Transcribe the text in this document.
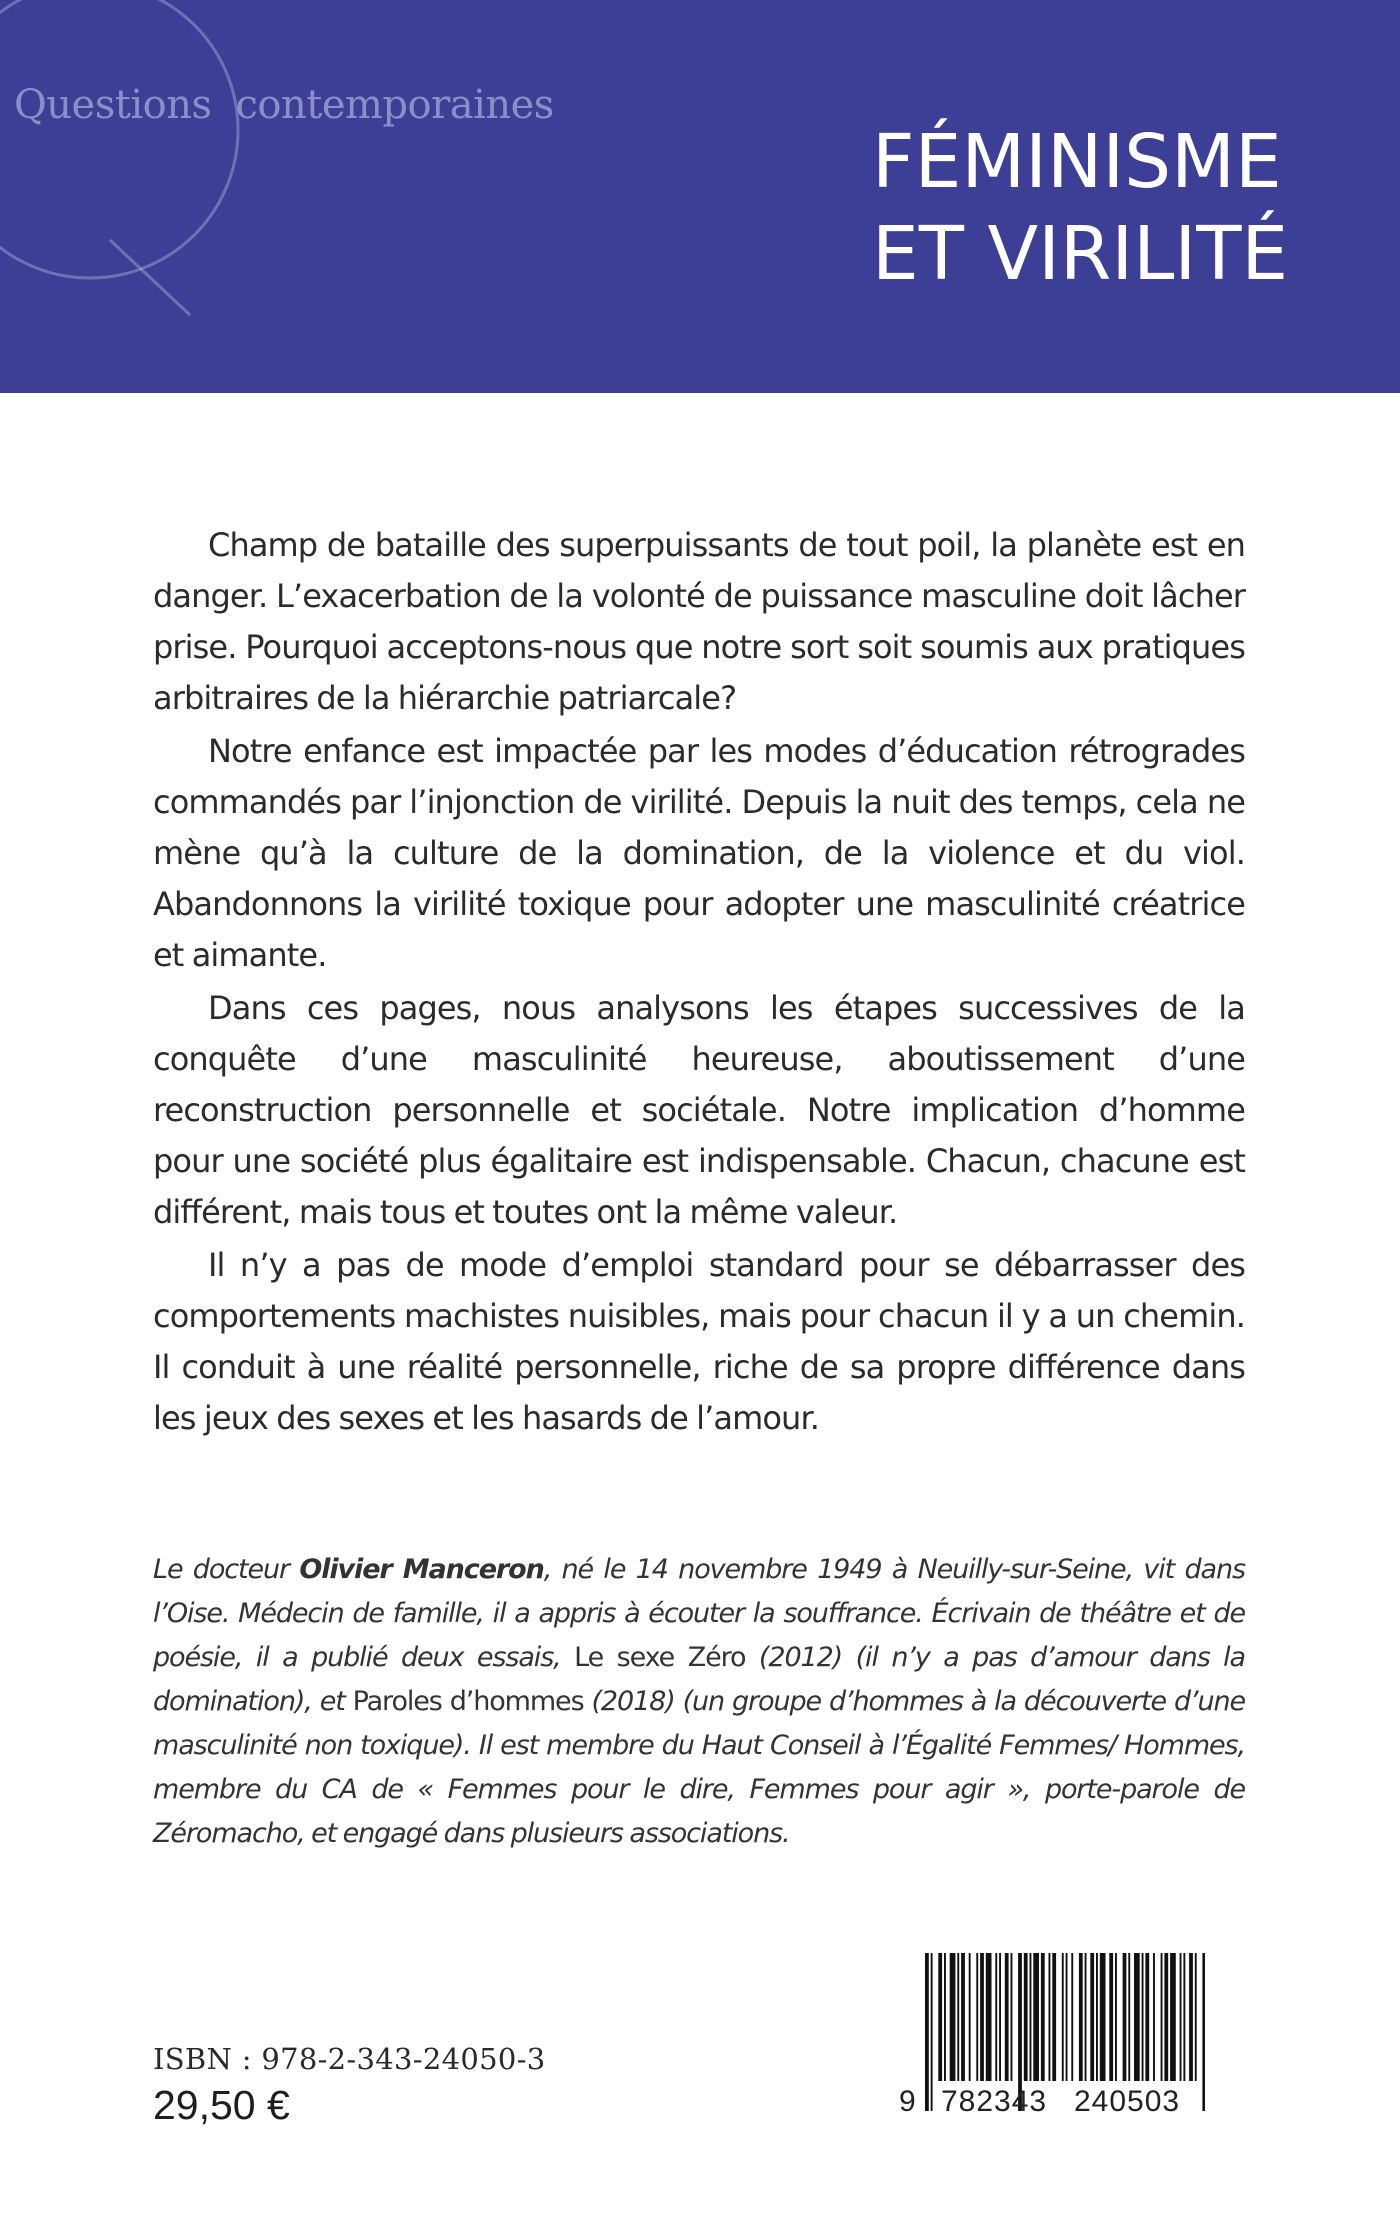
Questions contemporaines
FÉMINISME
ET VIRILITÉ

Champ de bataille des superpuissants de tout poil, la planète est en danger. L’exacerbation de la volonté de puissance masculine doit lâcher prise. Pourquoi acceptons-nous que notre sort soit soumis aux pratiques arbitraires de la hiérarchie patriarcale?

Notre enfance est impactée par les modes d’éducation rétrogrades commandés par l’injonction de virilité. Depuis la nuit des temps, cela ne mène qu’à la culture de la domination, de la violence et du viol. Abandonnons la virilité toxique pour adopter une masculinité créatrice et aimante.

Dans ces pages, nous analysons les étapes successives de la conquête d’une masculinité heureuse, aboutissement d’une reconstruction personnelle et sociétale. Notre implication d’homme pour une société plus égalitaire est indispensable. Chacun, chacune est différent, mais tous et toutes ont la même valeur.

Il n’y a pas de mode d’emploi standard pour se débarrasser des comportements machistes nuisibles, mais pour chacun il y a un chemin. Il conduit à une réalité personnelle, riche de sa propre différence dans les jeux des sexes et les hasards de l’amour.

Le docteur Olivier Manceron, né le 14 novembre 1949 à Neuilly-sur-Seine, vit dans l’Oise. Médecin de famille, il a appris à écouter la souffrance. Écrivain de théâtre et de poésie, il a publié deux essais, Le sexe Zéro (2012) (il n’y a pas d’amour dans la domination), et Paroles d’hommes (2018) (un groupe d’hommes à la découverte d’une masculinité non toxique). Il est membre du Haut Conseil à l’Égalité Femmes/ Hommes, membre du CA de « Femmes pour le dire, Femmes pour agir », porte-parole de Zéromacho, et engagé dans plusieurs associations.

9 782343 240503
ISBN : 978-2-343-24050-3
29,50 €
